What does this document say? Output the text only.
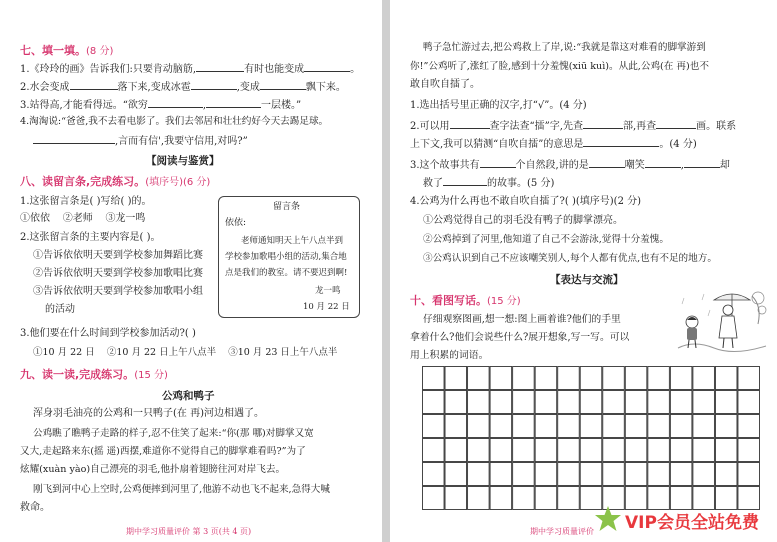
七、填一填。(8 分)
1.《玲玲的画》告诉我们:只要肯动脑筋,	有时也能变成	。
2.水会变成	落下来,变成冰雹	,变成	飘下来。
3.站得高,才能看得远。“欲穷	,	一层楼。”
4.淘淘说:“爸爸,我不去看电影了。我们去邻居和壮壮约好今天去踢足球。
,言而有信',我要守信用,对吗?”
【阅读与鉴赏】
八、读留言条,完成练习。(填序号)(6 分)
1.这张留言条是( )写给( )的。
①依依 ②老师 ③龙一鸣
2.这张留言条的主要内容是( )。
①告诉依依明天要到学校参加舞蹈比赛
②告诉依依明天要到学校参加歌唱比赛
③告诉依依明天要到学校参加歌唱小组
的活动
留言条
依依:
老师通知明天上午八点半到
学校参加歌唱小组的活动,集合地
点是我们的教室。请不要迟到啊!
龙一鸣
10 月 22 日
3.他们要在什么时间到学校参加活动?( )
①10 月 22 日 ②10 月 22 日上午八点半 ③10 月 23 日上午八点半
九、读一读,完成练习。(15 分)
公鸡和鸭子
浑身羽毛油亮的公鸡和一只鸭子(在 再)河边相遇了。
公鸡瞧了瞧鸭子走路的样子,忍不住笑了起来:“你(那 哪)对脚掌又宽
又大,走起路来东(摇 遥)西摆,难道你不觉得自己的脚掌难看吗?”为了
炫耀(xuàn yào)自己漂亮的羽毛,他扑扇着翅膀往河对岸飞去。
刚飞到河中心上空时,公鸡便摔到河里了,他游不动也飞不起来,急得大喊
救命。
期中学习质量评价 第 3 页(共 4 页)
鸭子急忙游过去,把公鸡救上了岸,说:“我就是靠这对难看的脚掌游到
你!”公鸡听了,涨红了脸,感到十分羞愧(xiū kuì)。从此,公鸡(在 再)也不
敢自吹自擂了。
1.选出括号里正确的汉字,打“√”。(4 分)
2.可以用	查字法查“擂”字,先查	部,再查	画。联系
上下文,我可以猜测“自吹自擂”的意思是	。(4 分)
3.这个故事共有	个自然段,讲的是	嘲笑	,	却
救了	的故事。(5 分)
4.公鸡为什么再也不敢自吹自擂了?( )(填序号)(2 分)
①公鸡觉得自己的羽毛没有鸭子的脚掌漂亮。
②公鸡掉到了河里,他知道了自己不会游泳,觉得十分羞愧。
③公鸡认识到自己不应该嘲笑别人,每个人都有优点,也有不足的地方。
【表达与交流】
十、看图写话。(15 分)
仔细观察图画,想一想:图上画着谁?他们的手里
拿着什么?他们会说些什么?展开想象,写一写。可以
用上积累的词语。
期中学习质量评价 VIP会员全站免费
